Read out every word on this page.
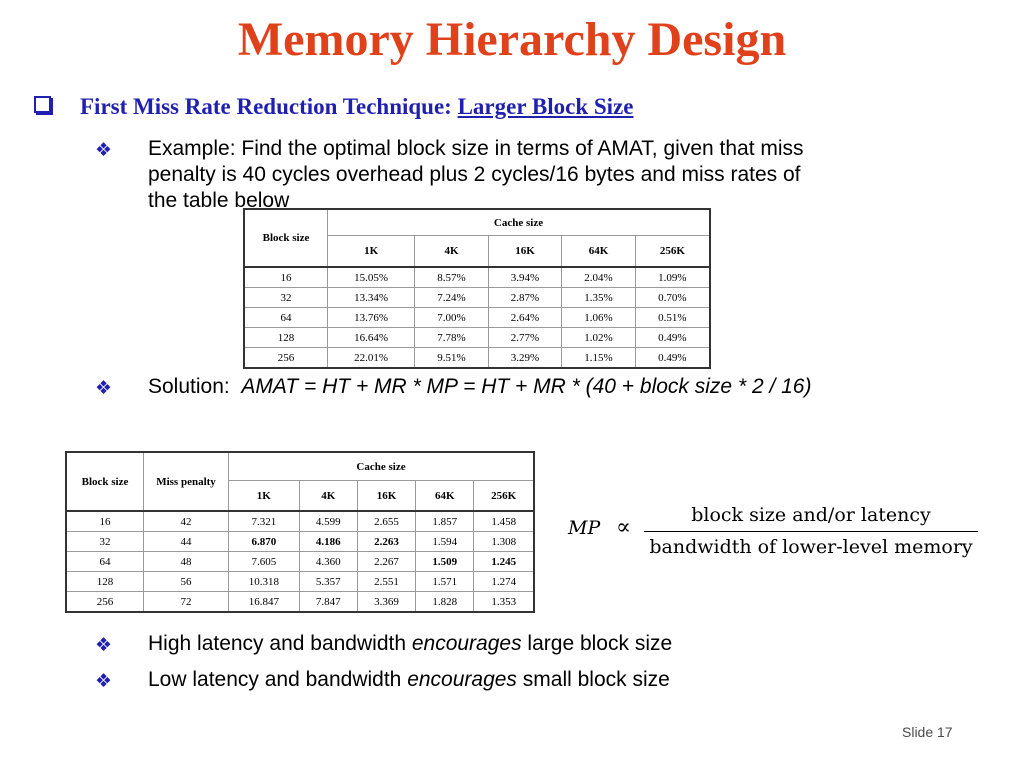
Memory Hierarchy Design
First Miss Rate Reduction Technique: Larger Block Size
❖ Example: Find the optimal block size in terms of AMAT, given that miss
penalty is 40 cycles overhead plus 2 cycles/16 bytes and miss rates of
the table below
Block size	Cache size				
	1K	4K	16K	64K	256K
16	15.05%	8.57%	3.94%	2.04%	1.09%
32	13.34%	7.24%	2.87%	1.35%	0.70%
64	13.76%	7.00%	2.64%	1.06%	0.51%
128	16.64%	7.78%	2.77%	1.02%	0.49%
256	22.01%	9.51%	3.29%	1.15%	0.49%
❖ Solution: AMAT = HT + MR * MP = HT + MR * (40 + block size * 2 / 16)
Block size	Miss penalty	Cache size				
		1K	4K	16K	64K	256K
16	42	7.321	4.599	2.655	1.857	1.458
32	44	6.870	4.186	2.263	1.594	1.308
64	48	7.605	4.360	2.267	1.509	1.245
128	56	10.318	5.357	2.551	1.571	1.274
256	72	16.847	7.847	3.369	1.828	1.353
MP ∝	block size and/or latency
bandwidth of lower-level memory
❖ High latency and bandwidth encourages large block size
❖ Low latency and bandwidth encourages small block size
Slide 17
